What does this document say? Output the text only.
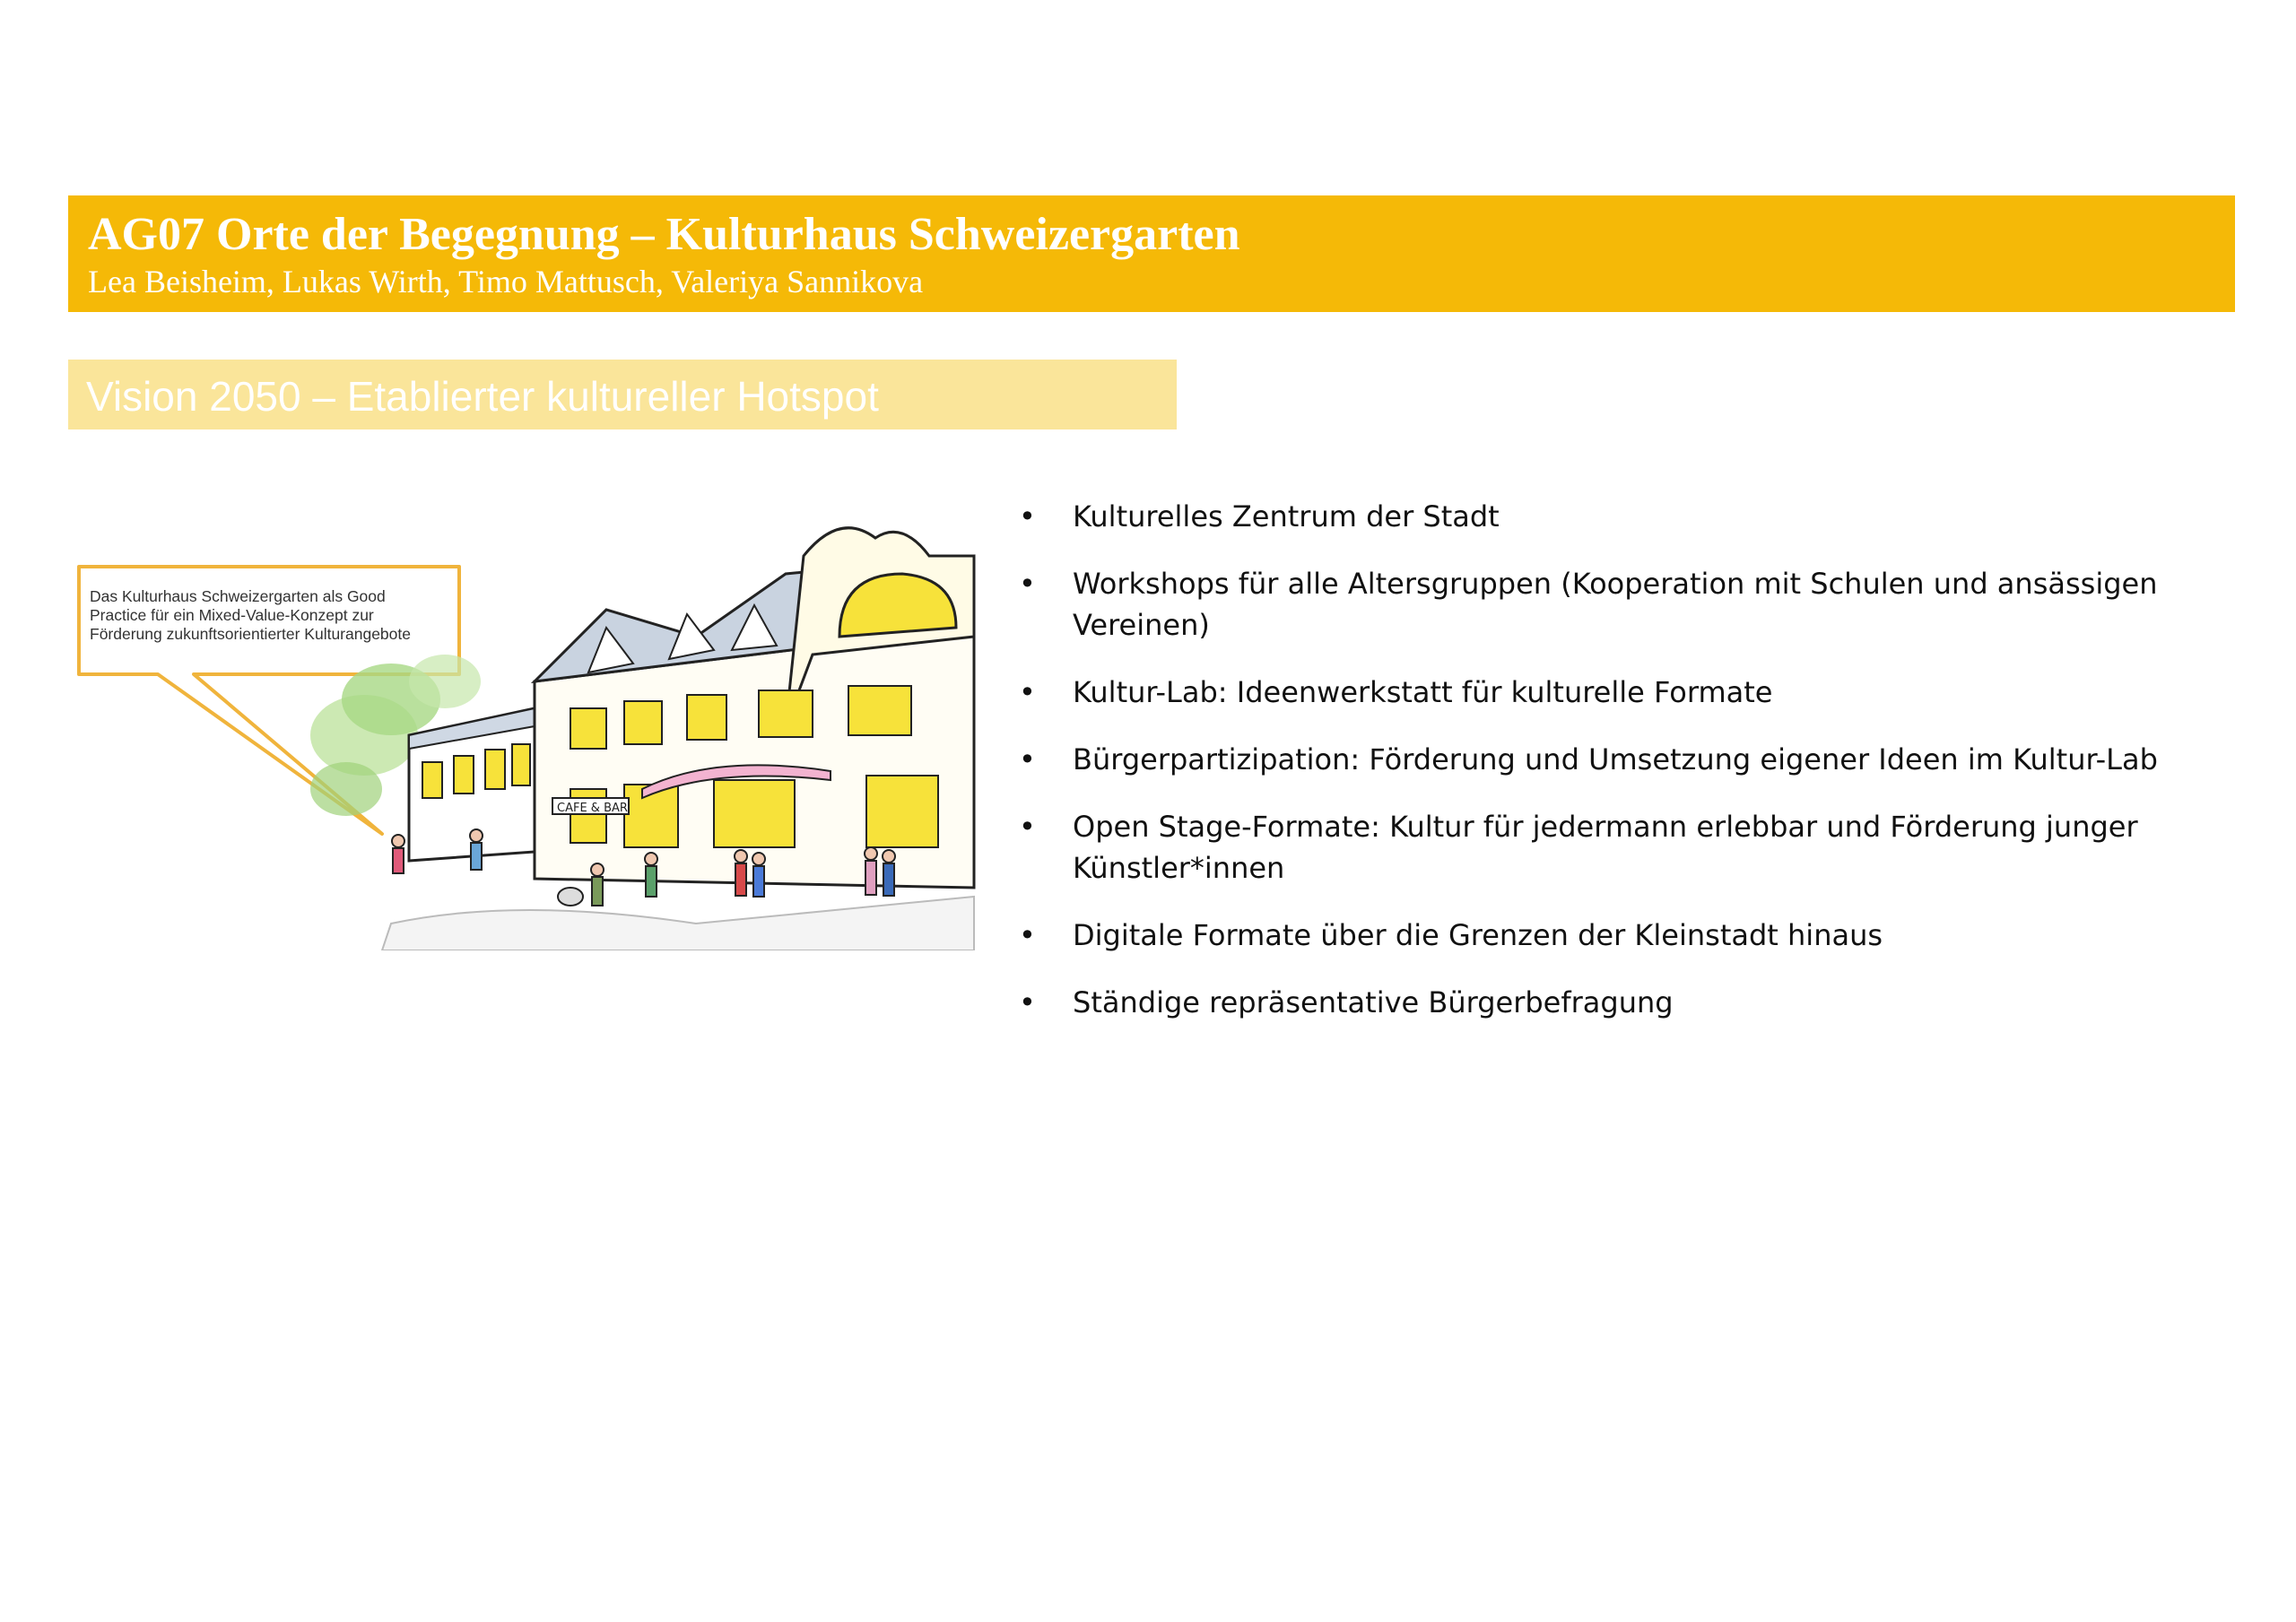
AG07 Orte der Begegnung – Kulturhaus Schweizergarten
Lea Beisheim, Lukas Wirth, Timo Mattusch, Valeriya Sannikova
Vision 2050 – Etablierter kultureller Hotspot
CAFE & BAR
Das Kulturhaus Schweizergarten als Good
Practice für ein Mixed-Value-Konzept zur
Förderung zukunftsorientierter Kulturangebote
• Kulturelles Zentrum der Stadt
• Workshops für alle Altersgruppen (Kooperation mit Schulen und ansässigen Vereinen)
• Kultur-Lab: Ideenwerkstatt für kulturelle Formate
• Bürgerpartizipation: Förderung und Umsetzung eigener Ideen im Kultur-Lab
• Open Stage-Formate: Kultur für jedermann erlebbar und Förderung junger Künstler*innen
• Digitale Formate über die Grenzen der Kleinstadt hinaus
• Ständige repräsentative Bürgerbefragung
